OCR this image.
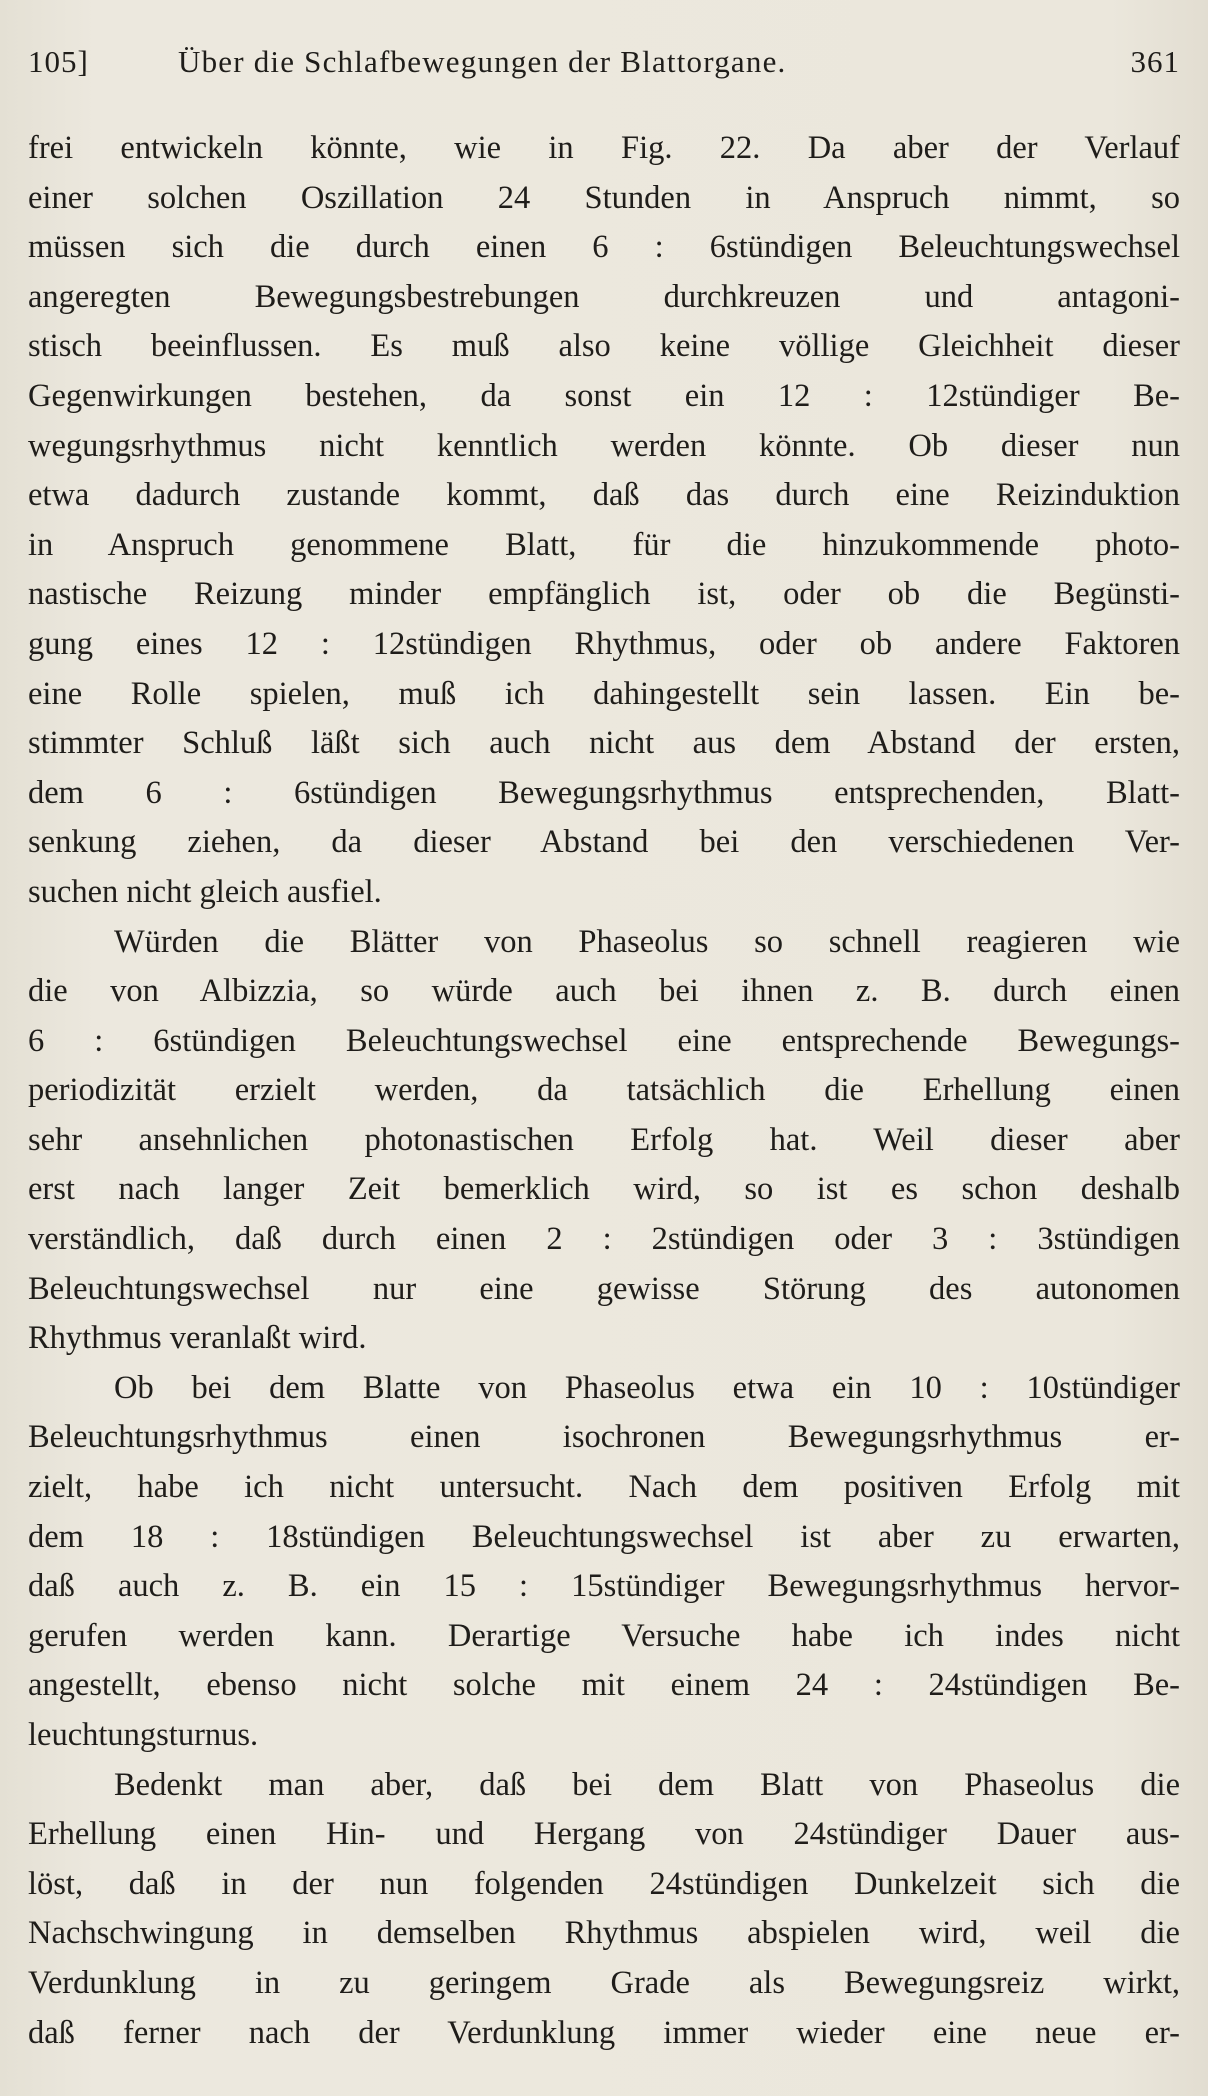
105]	Über die Schlafbewegungen der Blattorgane.	361
frei entwickeln könnte, wie in Fig. 22. Da aber der Verlauf
einer solchen Oszillation 24 Stunden in Anspruch nimmt, so
müssen sich die durch einen 6 : 6stündigen Beleuchtungswechsel
angeregten Bewegungsbestrebungen durchkreuzen und antagoni-
stisch beeinflussen. Es muß also keine völlige Gleichheit dieser
Gegenwirkungen bestehen, da sonst ein 12 : 12stündiger Be-
wegungsrhythmus nicht kenntlich werden könnte. Ob dieser nun
etwa dadurch zustande kommt, daß das durch eine Reizinduktion
in Anspruch genommene Blatt, für die hinzukommende photo-
nastische Reizung minder empfänglich ist, oder ob die Begünsti-
gung eines 12 : 12stündigen Rhythmus, oder ob andere Faktoren
eine Rolle spielen, muß ich dahingestellt sein lassen. Ein be-
stimmter Schluß läßt sich auch nicht aus dem Abstand der ersten,
dem 6 : 6stündigen Bewegungsrhythmus entsprechenden, Blatt-
senkung ziehen, da dieser Abstand bei den verschiedenen Ver-
suchen nicht gleich ausfiel.
Würden die Blätter von Phaseolus so schnell reagieren wie
die von Albizzia, so würde auch bei ihnen z. B. durch einen
6 : 6stündigen Beleuchtungswechsel eine entsprechende Bewegungs-
periodizität erzielt werden, da tatsächlich die Erhellung einen
sehr ansehnlichen photonastischen Erfolg hat. Weil dieser aber
erst nach langer Zeit bemerklich wird, so ist es schon deshalb
verständlich, daß durch einen 2 : 2stündigen oder 3 : 3stündigen
Beleuchtungswechsel nur eine gewisse Störung des autonomen
Rhythmus veranlaßt wird.
Ob bei dem Blatte von Phaseolus etwa ein 10 : 10stündiger
Beleuchtungsrhythmus einen isochronen Bewegungsrhythmus er-
zielt, habe ich nicht untersucht. Nach dem positiven Erfolg mit
dem 18 : 18stündigen Beleuchtungswechsel ist aber zu erwarten,
daß auch z. B. ein 15 : 15stündiger Bewegungsrhythmus hervor-
gerufen werden kann. Derartige Versuche habe ich indes nicht
angestellt, ebenso nicht solche mit einem 24 : 24stündigen Be-
leuchtungsturnus.
Bedenkt man aber, daß bei dem Blatt von Phaseolus die
Erhellung einen Hin- und Hergang von 24stündiger Dauer aus-
löst, daß in der nun folgenden 24stündigen Dunkelzeit sich die
Nachschwingung in demselben Rhythmus abspielen wird, weil die
Verdunklung in zu geringem Grade als Bewegungsreiz wirkt,
daß ferner nach der Verdunklung immer wieder eine neue er-
